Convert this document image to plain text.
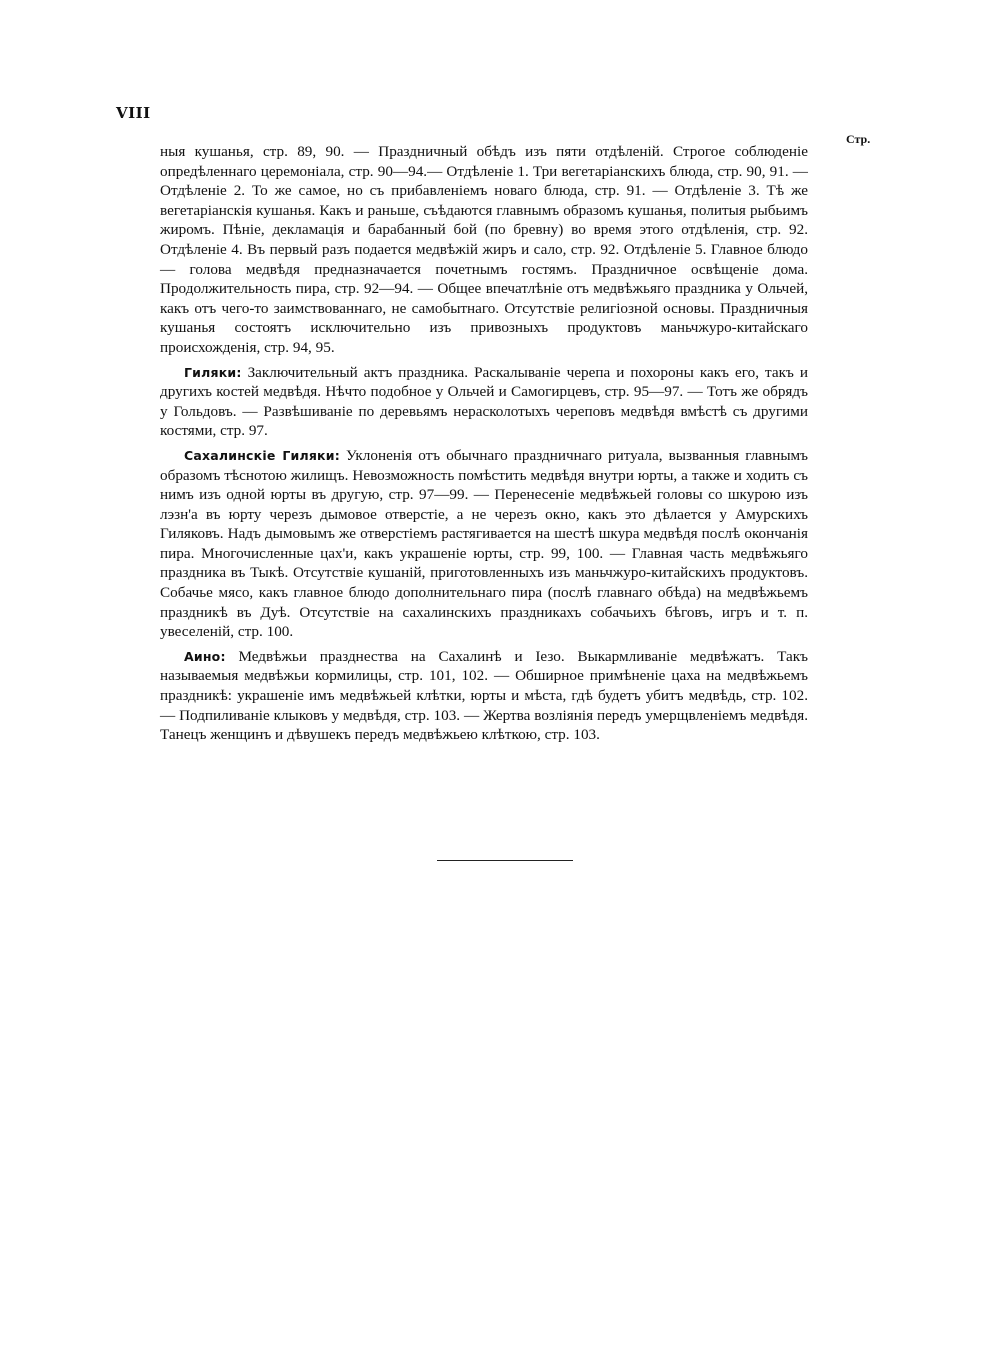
VIII
Стр.

ныя кушанья, стр. 89, 90. — Праздничный обѣдъ изъ пяти отдѣленій. Строгое соблюденіе опредѣленнаго церемоніала, стр. 90—94.— Отдѣленіе 1. Три вегетаріанскихъ блюда, стр. 90, 91. — Отдѣленіе 2. То же самое, но съ прибавленіемъ новаго блюда, стр. 91. — Отдѣленіе 3. Тѣ же вегетаріанскія кушанья. Какъ и раньше, съѣдаются главнымъ образомъ кушанья, политыя рыбьимъ жиромъ. Пѣніе, декламація и барабанный бой (по бревну) во время этого отдѣленія, стр. 92. Отдѣленіе 4. Въ первый разъ подается медвѣжій жиръ и сало, стр. 92. Отдѣленіе 5. Главное блюдо — голова медвѣдя предназначается почетнымъ гостямъ. Праздничное освѣщеніе дома. Продолжительность пира, стр. 92—94. — Общее впечатлѣніе отъ медвѣжьяго праздника у Ольчей, какъ отъ чего-то заимствованнаго, не самобытнаго. Отсутствіе религіозной основы. Праздничныя кушанья состоятъ исключительно изъ привозныхъ продуктовъ маньчжуро-китайскаго происхожденія, стр. 94, 95.

Гиляки: Заключительный актъ праздника. Раскалываніе черепа и похороны какъ его, такъ и другихъ костей медвѣдя. Нѣчто подобное у Ольчей и Самогирцевъ, стр. 95—97. — Тотъ же обрядъ у Гольдовъ. — Развѣшиваніе по деревьямъ нерасколотыхъ череповъ медвѣдя вмѣстѣ съ другими костями, стр. 97.

Сахалинскіе Гиляки: Уклоненія отъ обычнаго праздничнаго ритуала, вызванныя главнымъ образомъ тѣснотою жилищъ. Невозможность помѣстить медвѣдя внутри юрты, а также и ходить съ нимъ изъ одной юрты въ другую, стр. 97—99. — Перенесеніе медвѣжьей головы со шкурою изъ лэзн'а въ юрту черезъ дымовое отверстіе, а не черезъ окно, какъ это дѣлается у Амурскихъ Гиляковъ. Надъ дымовымъ же отверстіемъ растягивается на шестѣ шкура медвѣдя послѣ окончанія пира. Многочисленные цах'и, какъ украшеніе юрты, стр. 99, 100. — Главная часть медвѣжьяго праздника въ Тыкѣ. Отсутствіе кушаній, приготовленныхъ изъ маньчжуро-китайскихъ продуктовъ. Собачье мясо, какъ главное блюдо дополнительнаго пира (послѣ главнаго обѣда) на медвѣжьемъ праздникѣ въ Дуѣ. Отсутствіе на сахалинскихъ праздникахъ собачьихъ бѣговъ, игръ и т. п. увеселеній, стр. 100.

Аино: Медвѣжьи празднества на Сахалинѣ и Іезо. Выкармливаніе медвѣжатъ. Такъ называемыя медвѣжьи кормилицы, стр. 101, 102. — Обширное примѣненіе цаха на медвѣжьемъ праздникѣ: украшеніе имъ медвѣжьей клѣтки, юрты и мѣста, гдѣ будетъ убитъ медвѣдь, стр. 102. — Подпиливаніе клыковъ у медвѣдя, стр. 103. — Жертва возліянія передъ умерщвленіемъ медвѣдя. Танецъ женщинъ и дѣвушекъ передъ медвѣжьею клѣткою, стр. 103.
